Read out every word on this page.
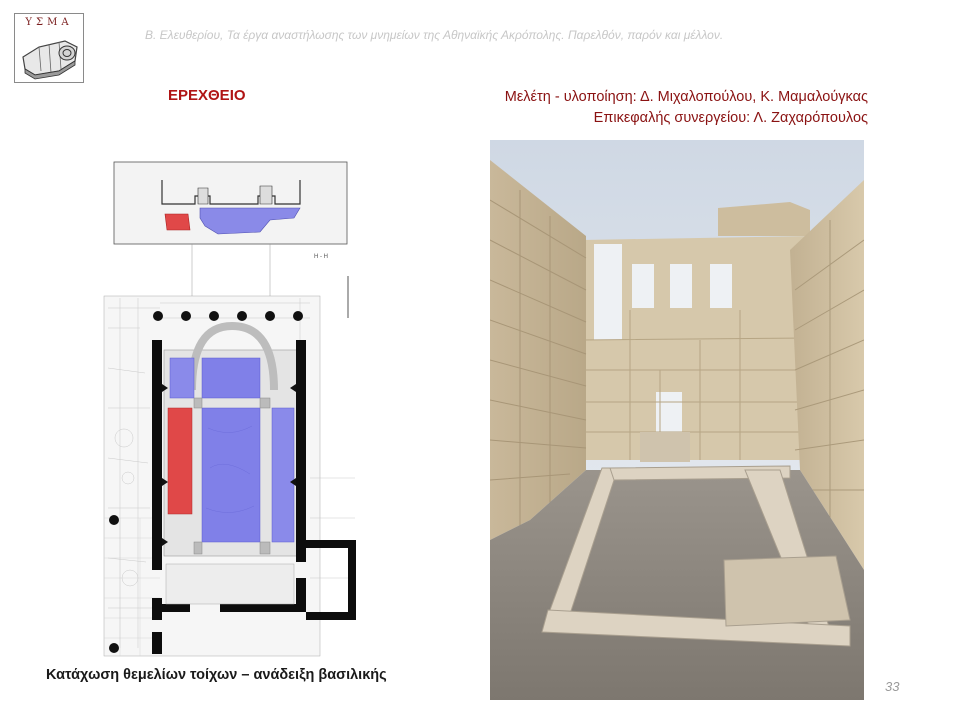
ΥΣΜΑ
Β. Ελευθερίου, Τα έργα αναστήλωσης των μνημείων της Αθηναϊκής Ακρόπολης. Παρελθόν, παρόν και μέλλον.
ΕΡΕΧΘΕΙΟ	Μελέτη - υλοποίηση: Δ. Μιχαλοπούλου, Κ. Μαμαλούγκας
Επικεφαλής συνεργείου: Λ. Ζαχαρόπουλος
Η - Η
Κατάχωση θεμελίων τοίχων – ανάδειξη βασιλικής
33
